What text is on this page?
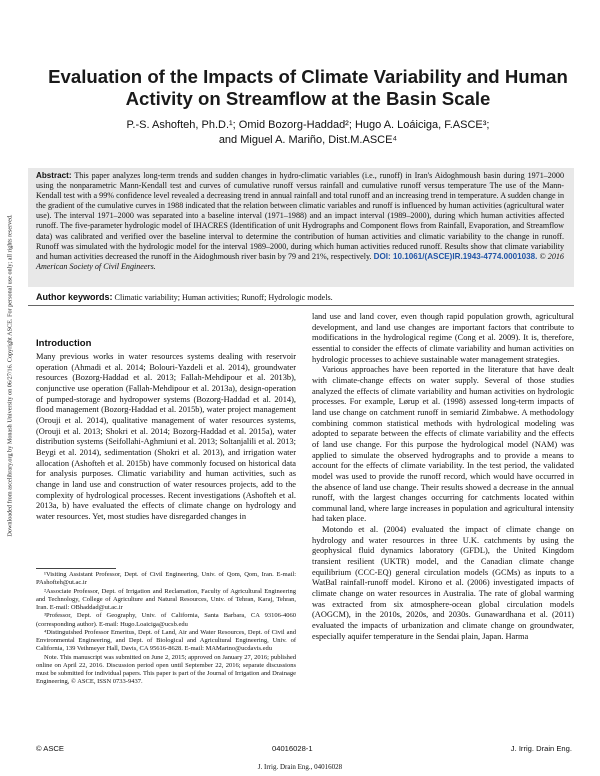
Downloaded from ascelibrary.org by Monash University on 06/27/16. Copyright ASCE. For personal use only; all rights reserved.
Evaluation of the Impacts of Climate Variability and Human Activity on Streamflow at the Basin Scale
P.-S. Ashofteh, Ph.D.¹; Omid Bozorg-Haddad²; Hugo A. Loáiciga, F.ASCE³;
and Miguel A. Mariño, Dist.M.ASCE⁴
Abstract: This paper analyzes long-term trends and sudden changes in hydro-climatic variables (i.e., runoff) in Iran's Aidoghmoush basin during 1971–2000 using the nonparametric Mann-Kendall test and curves of cumulative runoff versus rainfall and cumulative runoff versus temperature The use of the Mann-Kendall test with a 99% confidence level revealed a decreasing trend in annual rainfall and total runoff and an increasing trend in temperature. A sudden change in the gradient of the cumulative curves in 1988 indicated that the relation between climatic variables and runoff is influenced by human activities (agricultural water use). The interval 1971–2000 was separated into a baseline interval (1971–1988) and an impact interval (1989–2000), during which human activities affected runoff. The five-parameter hydrologic model of IHACRES (Identification of unit Hydrographs and Component flows from Rainfall, Evaporation, and Streamflow data) was calibrated and verified over the baseline interval to determine the contribution of human activities and climatic variability to the change in runoff. Runoff was simulated with the hydrologic model for the interval 1989–2000, during which human activities reduced runoff. Results show that climate variability and human activities decreased the runoff in the Aidoghmoush river basin by 79 and 21%, respectively. DOI: 10.1061/(ASCE)IR.1943-4774.0001038. © 2016 American Society of Civil Engineers.
Author keywords: Climatic variability; Human activities; Runoff; Hydrologic models.
Introduction

Many previous works in water resources systems dealing with reservoir operation (Ahmadi et al. 2014; Bolouri-Yazdeli et al. 2014), groundwater resources (Bozorg-Haddad et al. 2013; Fallah-Mehdipour et al. 2013b), conjunctive use operation (Fallah-Mehdipour et al. 2013a), design-operation of pumped-storage and hydropower systems (Bozorg-Haddad et al. 2014), flood management (Bozorg-Haddad et al. 2015b), water project management (Orouji et al. 2014), qualitative management of water resources systems, (Orouji et al. 2013; Shokri et al. 2014; Bozorg-Haddad et al. 2015a), water distribution systems (Seifollahi-Aghmiuni et al. 2013; Soltanjalili et al. 2013; Beygi et al. 2014), sedimentation (Shokri et al. 2013), and irrigation water allocation (Ashofteh et al. 2015b) have commonly focused on historical data for analysis purposes. Climatic variability and human activities, such as change in land use and construction of water resources projects, add to the complexity of hydrological processes. Recent investigations (Ashofteh et al. 2013a, b) have evaluated the effects of climate change on hydrology and water resources. Yet, most studies have disregarded changes in

¹Visiting Assistant Professor, Dept. of Civil Engineering, Univ. of Qom, Qom, Iran. E-mail: PAshofteh@ut.ac.ir

²Associate Professor, Dept. of Irrigation and Reclamation, Faculty of Agricultural Engineering and Technology, College of Agriculture and Natural Resources, Univ. of Tehran, Karaj, Tehran, Iran. E-mail: OBhaddad@ut.ac.ir

³Professor, Dept. of Geography, Univ. of California, Santa Barbara, CA 93106-4060 (corresponding author). E-mail: Hugo.Loaiciga@ucsb.edu

⁴Distinguished Professor Emeritus, Dept. of Land, Air and Water Resources, Dept. of Civil and Environmental Engineering, and Dept. of Biological and Agricultural Engineering, Univ. of California, 139 Veihmeyer Hall, Davis, CA 95616-8628. E-mail: MAMarino@ucdavis.edu

Note. This manuscript was submitted on June 2, 2015; approved on January 27, 2016; published online on April 22, 2016. Discussion period open until September 22, 2016; separate discussions must be submitted for individual papers. This paper is part of the Journal of Irrigation and Drainage Engineering, © ASCE, ISSN 0733-9437.

land use and land cover, even though rapid population growth, agricultural development, and land use changes are important factors that contribute to modifications in the hydrological regime (Cong et al. 2009). It is, therefore, essential to consider the effects of climate variability and human activities on hydrologic processes to achieve sustainable water management strategies.

Various approaches have been reported in the literature that have dealt with climate-change effects on water supply. Several of those studies analyzed the effects of climate variability and human activities on hydrologic processes. For example, Lørup et al. (1998) assessed long-term impacts of land use change on catchment runoff in semiarid Zimbabwe. A methodology combining common statistical methods with hydrological modeling was adopted to separate between the effects of climate variability and the effects of land use change. For this purpose the hydrological model (NAM) was applied to simulate the observed hydrographs and to provide a means to account for the effects of climate variability. In the test period, the validated model was used to provide the runoff record, which would have occurred in the absence of land use change. Their results showed a decrease in the annual runoff, with the largest changes occurring for catchments located within communal land, where large increases in population and agricultural intensity had taken place.

Motondo et al. (2004) evaluated the impact of climate change on hydrology and water resources in three U.K. catchments by using the geophysical fluid dynamics laboratory (GFDL), the United Kingdom transient resilient (UKTR) model, and the Canadian climate change equilibrium (CCC-EQ) general circulation models (GCMs) as inputs to a WatBal rainfall-runoff model. Kirono et al. (2006) investigated impacts of climate change on water resources in Australia. The rate of global warming was extracted from six atmosphere-ocean global circulation models (AOGCM), in the 2010s, 2020s, and 2030s. Gunawardhana et al. (2011) evaluated the impacts of urbanization and climate change on groundwater, especially aquifer temperature in the Sendai plain, Japan. Harma

© ASCE	04016028-1	J. Irrig. Drain Eng.
J. Irrig. Drain Eng., 04016028
